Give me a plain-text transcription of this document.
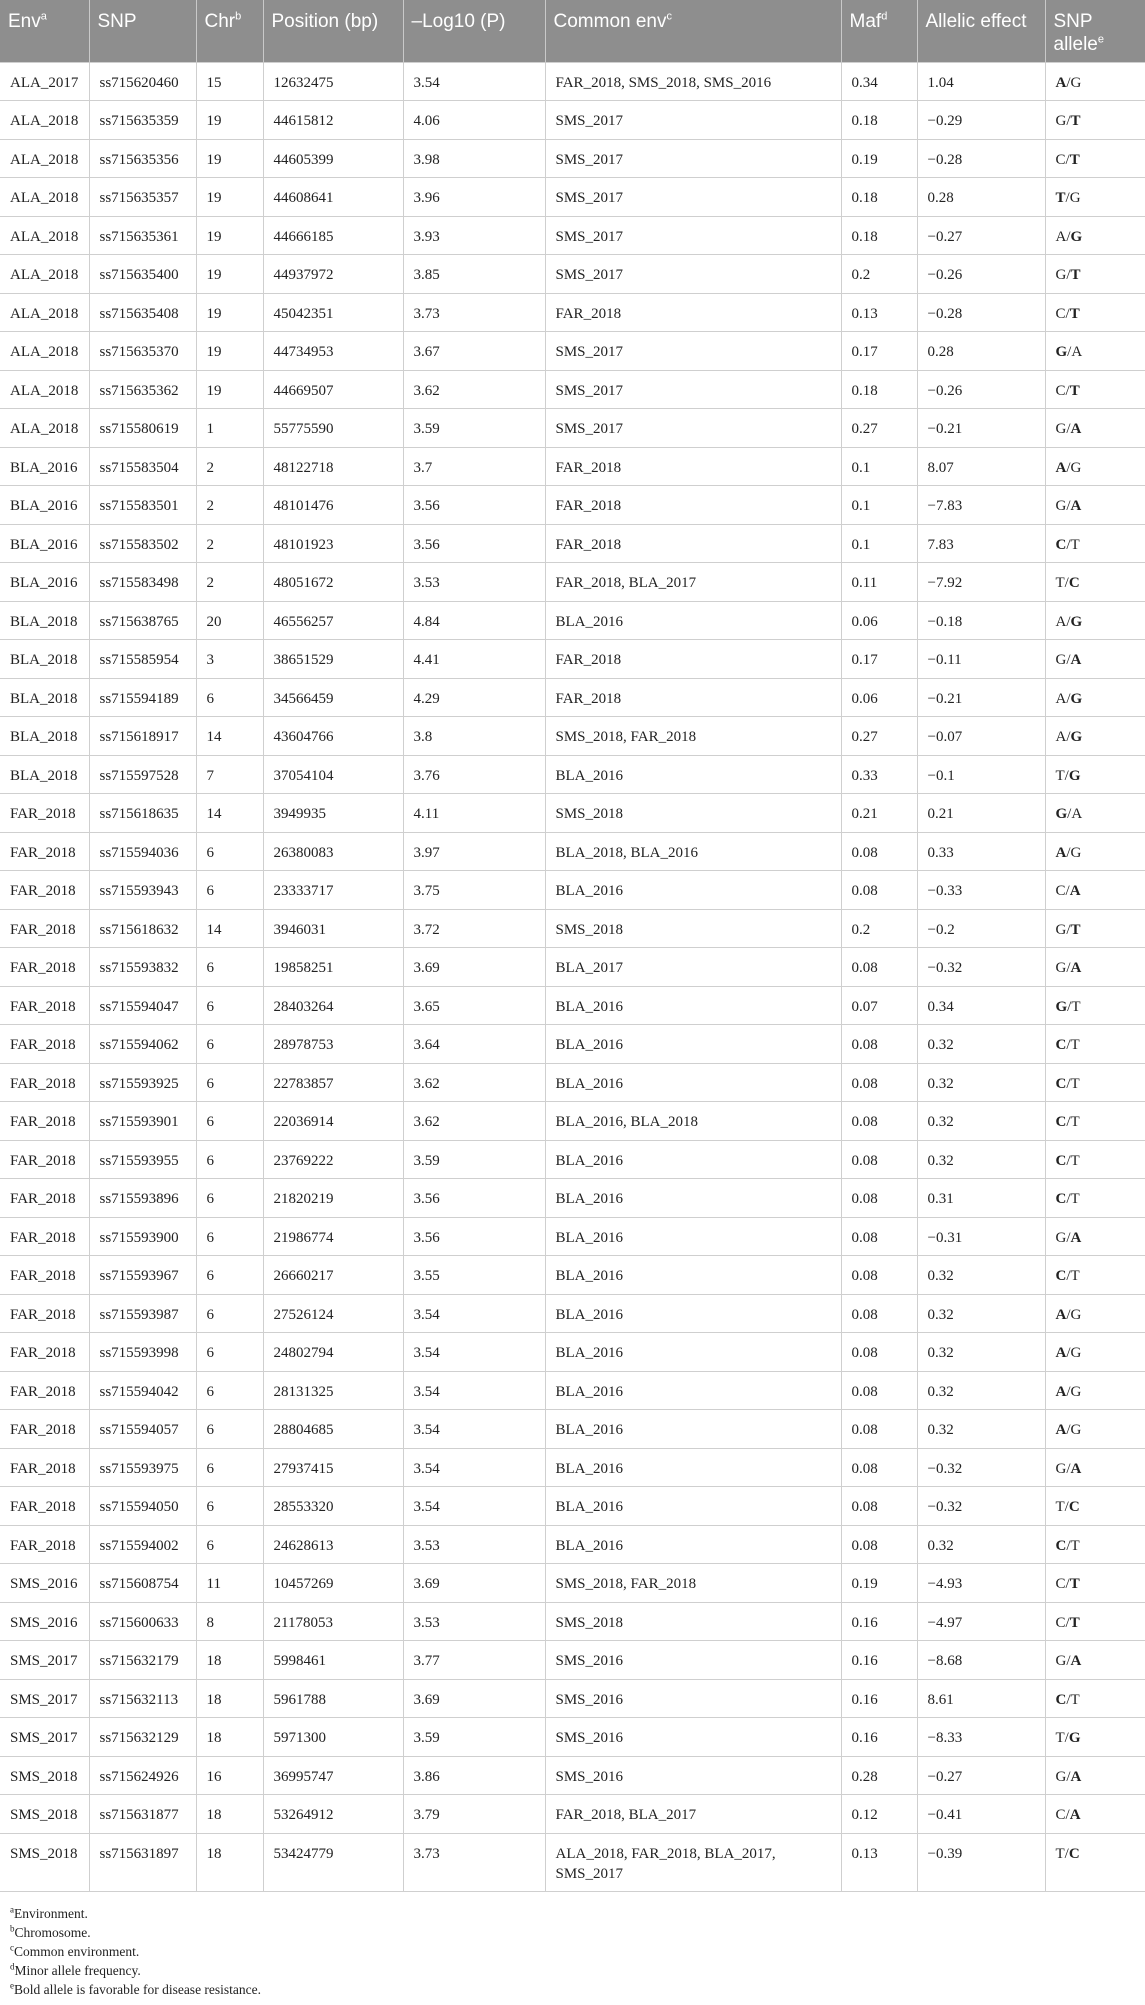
Env$^a$	SNP	Chr$^b$	Position (bp)	–Log10 (P)	Common env$^c$	Maf$^d$	Allelic effect	SNP allele$^e$
ALA_2017	ss715620460	15	12632475	3.54	FAR_2018, SMS_2018, SMS_2016	0.34	1.04	A/G
ALA_2018	ss715635359	19	44615812	4.06	SMS_2017	0.18	−0.29	G/T
ALA_2018	ss715635356	19	44605399	3.98	SMS_2017	0.19	−0.28	C/T
ALA_2018	ss715635357	19	44608641	3.96	SMS_2017	0.18	0.28	T/G
ALA_2018	ss715635361	19	44666185	3.93	SMS_2017	0.18	−0.27	A/G
ALA_2018	ss715635400	19	44937972	3.85	SMS_2017	0.2	−0.26	G/T
ALA_2018	ss715635408	19	45042351	3.73	FAR_2018	0.13	−0.28	C/T
ALA_2018	ss715635370	19	44734953	3.67	SMS_2017	0.17	0.28	G/A
ALA_2018	ss715635362	19	44669507	3.62	SMS_2017	0.18	−0.26	C/T
ALA_2018	ss715580619	1	55775590	3.59	SMS_2017	0.27	−0.21	G/A
BLA_2016	ss715583504	2	48122718	3.7	FAR_2018	0.1	8.07	A/G
BLA_2016	ss715583501	2	48101476	3.56	FAR_2018	0.1	−7.83	G/A
BLA_2016	ss715583502	2	48101923	3.56	FAR_2018	0.1	7.83	C/T
BLA_2016	ss715583498	2	48051672	3.53	FAR_2018, BLA_2017	0.11	−7.92	T/C
BLA_2018	ss715638765	20	46556257	4.84	BLA_2016	0.06	−0.18	A/G
BLA_2018	ss715585954	3	38651529	4.41	FAR_2018	0.17	−0.11	G/A
BLA_2018	ss715594189	6	34566459	4.29	FAR_2018	0.06	−0.21	A/G
BLA_2018	ss715618917	14	43604766	3.8	SMS_2018, FAR_2018	0.27	−0.07	A/G
BLA_2018	ss715597528	7	37054104	3.76	BLA_2016	0.33	−0.1	T/G
FAR_2018	ss715618635	14	3949935	4.11	SMS_2018	0.21	0.21	G/A
FAR_2018	ss715594036	6	26380083	3.97	BLA_2018, BLA_2016	0.08	0.33	A/G
FAR_2018	ss715593943	6	23333717	3.75	BLA_2016	0.08	−0.33	C/A
FAR_2018	ss715618632	14	3946031	3.72	SMS_2018	0.2	−0.2	G/T
FAR_2018	ss715593832	6	19858251	3.69	BLA_2017	0.08	−0.32	G/A
FAR_2018	ss715594047	6	28403264	3.65	BLA_2016	0.07	0.34	G/T
FAR_2018	ss715594062	6	28978753	3.64	BLA_2016	0.08	0.32	C/T
FAR_2018	ss715593925	6	22783857	3.62	BLA_2016	0.08	0.32	C/T
FAR_2018	ss715593901	6	22036914	3.62	BLA_2016, BLA_2018	0.08	0.32	C/T
FAR_2018	ss715593955	6	23769222	3.59	BLA_2016	0.08	0.32	C/T
FAR_2018	ss715593896	6	21820219	3.56	BLA_2016	0.08	0.31	C/T
FAR_2018	ss715593900	6	21986774	3.56	BLA_2016	0.08	−0.31	G/A
FAR_2018	ss715593967	6	26660217	3.55	BLA_2016	0.08	0.32	C/T
FAR_2018	ss715593987	6	27526124	3.54	BLA_2016	0.08	0.32	A/G
FAR_2018	ss715593998	6	24802794	3.54	BLA_2016	0.08	0.32	A/G
FAR_2018	ss715594042	6	28131325	3.54	BLA_2016	0.08	0.32	A/G
FAR_2018	ss715594057	6	28804685	3.54	BLA_2016	0.08	0.32	A/G
FAR_2018	ss715593975	6	27937415	3.54	BLA_2016	0.08	−0.32	G/A
FAR_2018	ss715594050	6	28553320	3.54	BLA_2016	0.08	−0.32	T/C
FAR_2018	ss715594002	6	24628613	3.53	BLA_2016	0.08	0.32	C/T
SMS_2016	ss715608754	11	10457269	3.69	SMS_2018, FAR_2018	0.19	−4.93	C/T
SMS_2016	ss715600633	8	21178053	3.53	SMS_2018	0.16	−4.97	C/T
SMS_2017	ss715632179	18	5998461	3.77	SMS_2016	0.16	−8.68	G/A
SMS_2017	ss715632113	18	5961788	3.69	SMS_2016	0.16	8.61	C/T
SMS_2017	ss715632129	18	5971300	3.59	SMS_2016	0.16	−8.33	T/G
SMS_2018	ss715624926	16	36995747	3.86	SMS_2016	0.28	−0.27	G/A
SMS_2018	ss715631877	18	53264912	3.79	FAR_2018, BLA_2017	0.12	−0.41	C/A
SMS_2018	ss715631897	18	53424779	3.73	ALA_2018, FAR_2018, BLA_2017, SMS_2017	0.13	−0.39	T/C
$^a$Environment.
$^b$Chromosome.
$^c$Common environment.
$^d$Minor allele frequency.
$^e$Bold allele is favorable for disease resistance.
